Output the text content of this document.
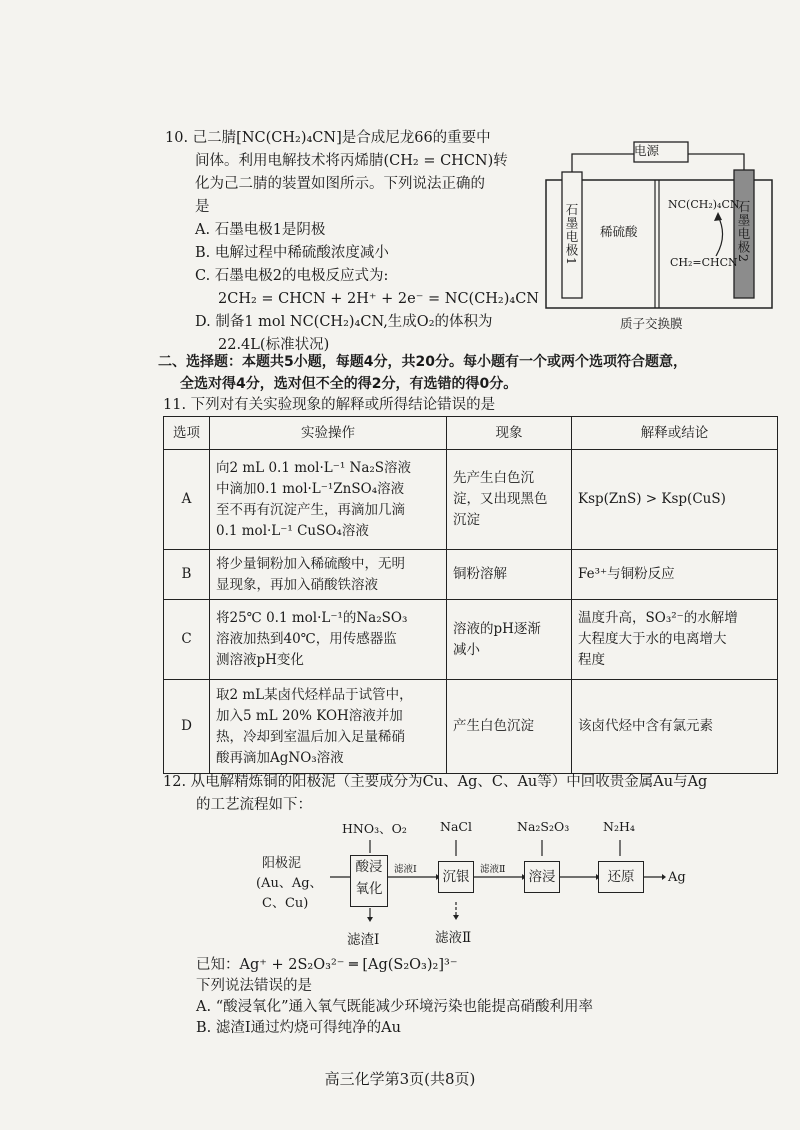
10. 己二腈[NC(CH₂)₄CN]是合成尼龙66的重要中
间体。利用电解技术将丙烯腈(CH₂ = CHCN)转
化为己二腈的装置如图所示。下列说法正确的
是
A. 石墨电极1是阴极
B. 电解过程中稀硫酸浓度减小
C. 石墨电极2的电极反应式为:
2CH₂ = CHCN + 2H⁺ + 2e⁻ = NC(CH₂)₄CN
D. 制备1 mol NC(CH₂)₄CN,生成O₂的体积为
22.4L(标准状况)
电源
石墨电极1	石墨电极2
稀硫酸
NC(CH₂)₄CN
CH₂=CHCN
质子交换膜
二、选择题：本题共5小题，每题4分，共20分。每小题有一个或两个选项符合题意，
全选对得4分，选对但不全的得2分，有选错的得0分。
11. 下列对有关实验现象的解释或所得结论错误的是
选项	实验操作	现象	解释或结论
A	向2 mL 0.1 mol·L⁻¹ Na₂S溶液
中滴加0.1 mol·L⁻¹ZnSO₄溶液
至不再有沉淀产生，再滴加几滴
0.1 mol·L⁻¹ CuSO₄溶液	先产生白色沉
淀，又出现黑色
沉淀	Ksp(ZnS) > Ksp(CuS)
B	将少量铜粉加入稀硫酸中，无明
显现象，再加入硝酸铁溶液	铜粉溶解	Fe³⁺与铜粉反应
C	将25℃ 0.1 mol·L⁻¹的Na₂SO₃
溶液加热到40℃，用传感器监
测溶液pH变化	溶液的pH逐渐
减小	温度升高，SO₃²⁻的水解增
大程度大于水的电离增大
程度
D	取2 mL某卤代烃样品于试管中，
加入5 mL 20% KOH溶液并加
热，冷却到室温后加入足量稀硝
酸再滴加AgNO₃溶液	产生白色沉淀	该卤代烃中含有氯元素
12. 从电解精炼铜的阳极泥（主要成分为Cu、Ag、C、Au等）中回收贵金属Au与Ag
的工艺流程如下：
HNO₃、O₂	NaCl	Na₂S₂O₃	N₂H₄
阳极泥
(Au、Ag、
C、Cu)
酸浸
氧化
沉银	溶浸	还原
滤液Ⅰ	滤液Ⅱ
Ag
滤渣Ⅰ	滤液Ⅱ
已知：Ag⁺ + 2S₂O₃²⁻ ═ [Ag(S₂O₃)₂]³⁻
下列说法错误的是
A. “酸浸氧化”通入氧气既能减少环境污染也能提高硝酸利用率
B. 滤渣Ⅰ通过灼烧可得纯净的Au
高三化学第3页(共8页)
